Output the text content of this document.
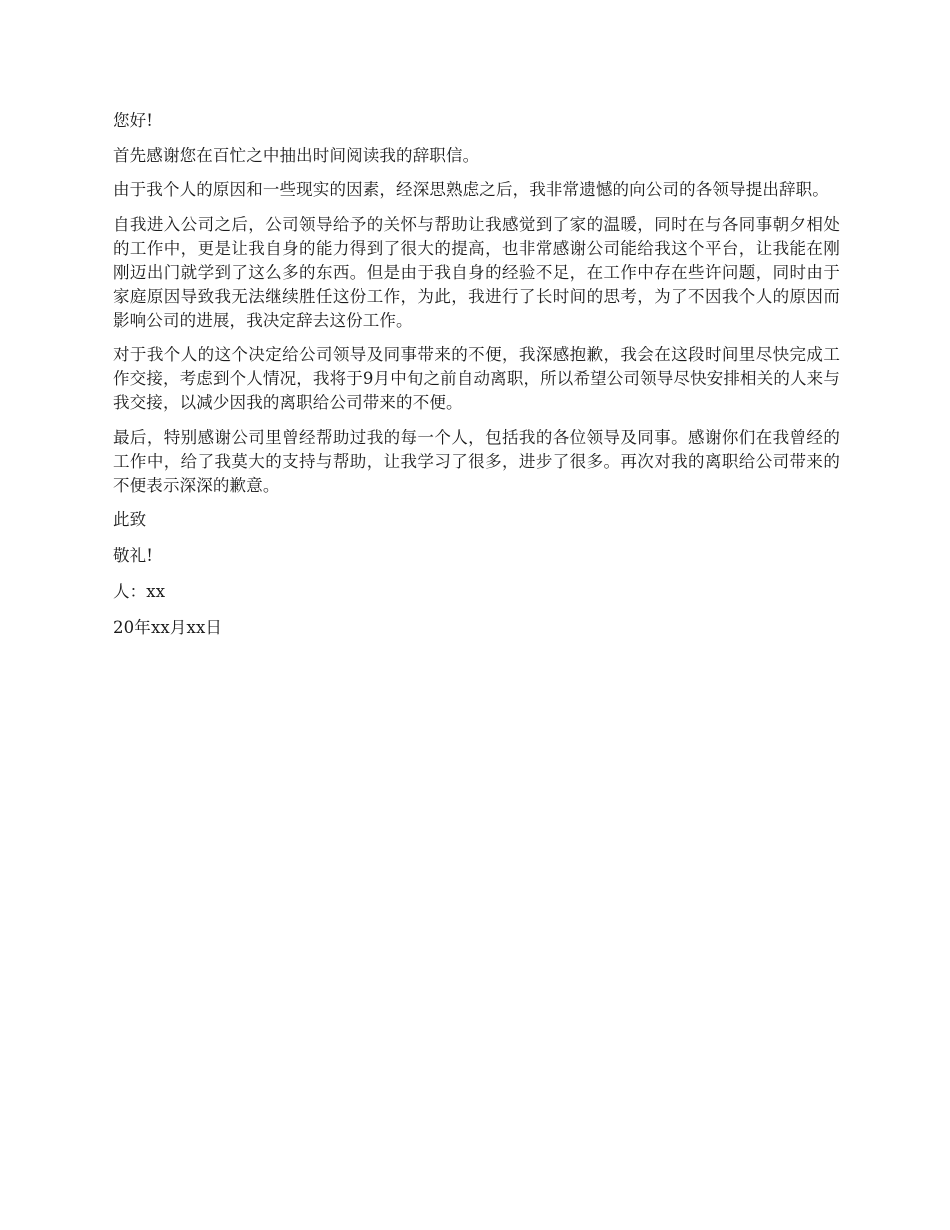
您好!

首先感谢您在百忙之中抽出时间阅读我的辞职信。

由于我个人的原因和一些现实的因素，经深思熟虑之后，我非常遗憾的向公司的各领导提出辞职。

自我进入公司之后，公司领导给予的关怀与帮助让我感觉到了家的温暖，同时在与各同事朝夕相处的工作中，更是让我自身的能力得到了很大的提高，也非常感谢公司能给我这个平台，让我能在刚刚迈出门就学到了这么多的东西。但是由于我自身的经验不足，在工作中存在些许问题，同时由于家庭原因导致我无法继续胜任这份工作，为此，我进行了长时间的思考，为了不因我个人的原因而影响公司的进展，我决定辞去这份工作。

对于我个人的这个决定给公司领导及同事带来的不便，我深感抱歉，我会在这段时间里尽快完成工作交接，考虑到个人情况，我将于9月中旬之前自动离职，所以希望公司领导尽快安排相关的人来与我交接，以减少因我的离职给公司带来的不便。

最后，特别感谢公司里曾经帮助过我的每一个人，包括我的各位领导及同事。感谢你们在我曾经的工作中，给了我莫大的支持与帮助，让我学习了很多，进步了很多。再次对我的离职给公司带来的不便表示深深的歉意。

此致

敬礼!

人：xx

20年xx月xx日
